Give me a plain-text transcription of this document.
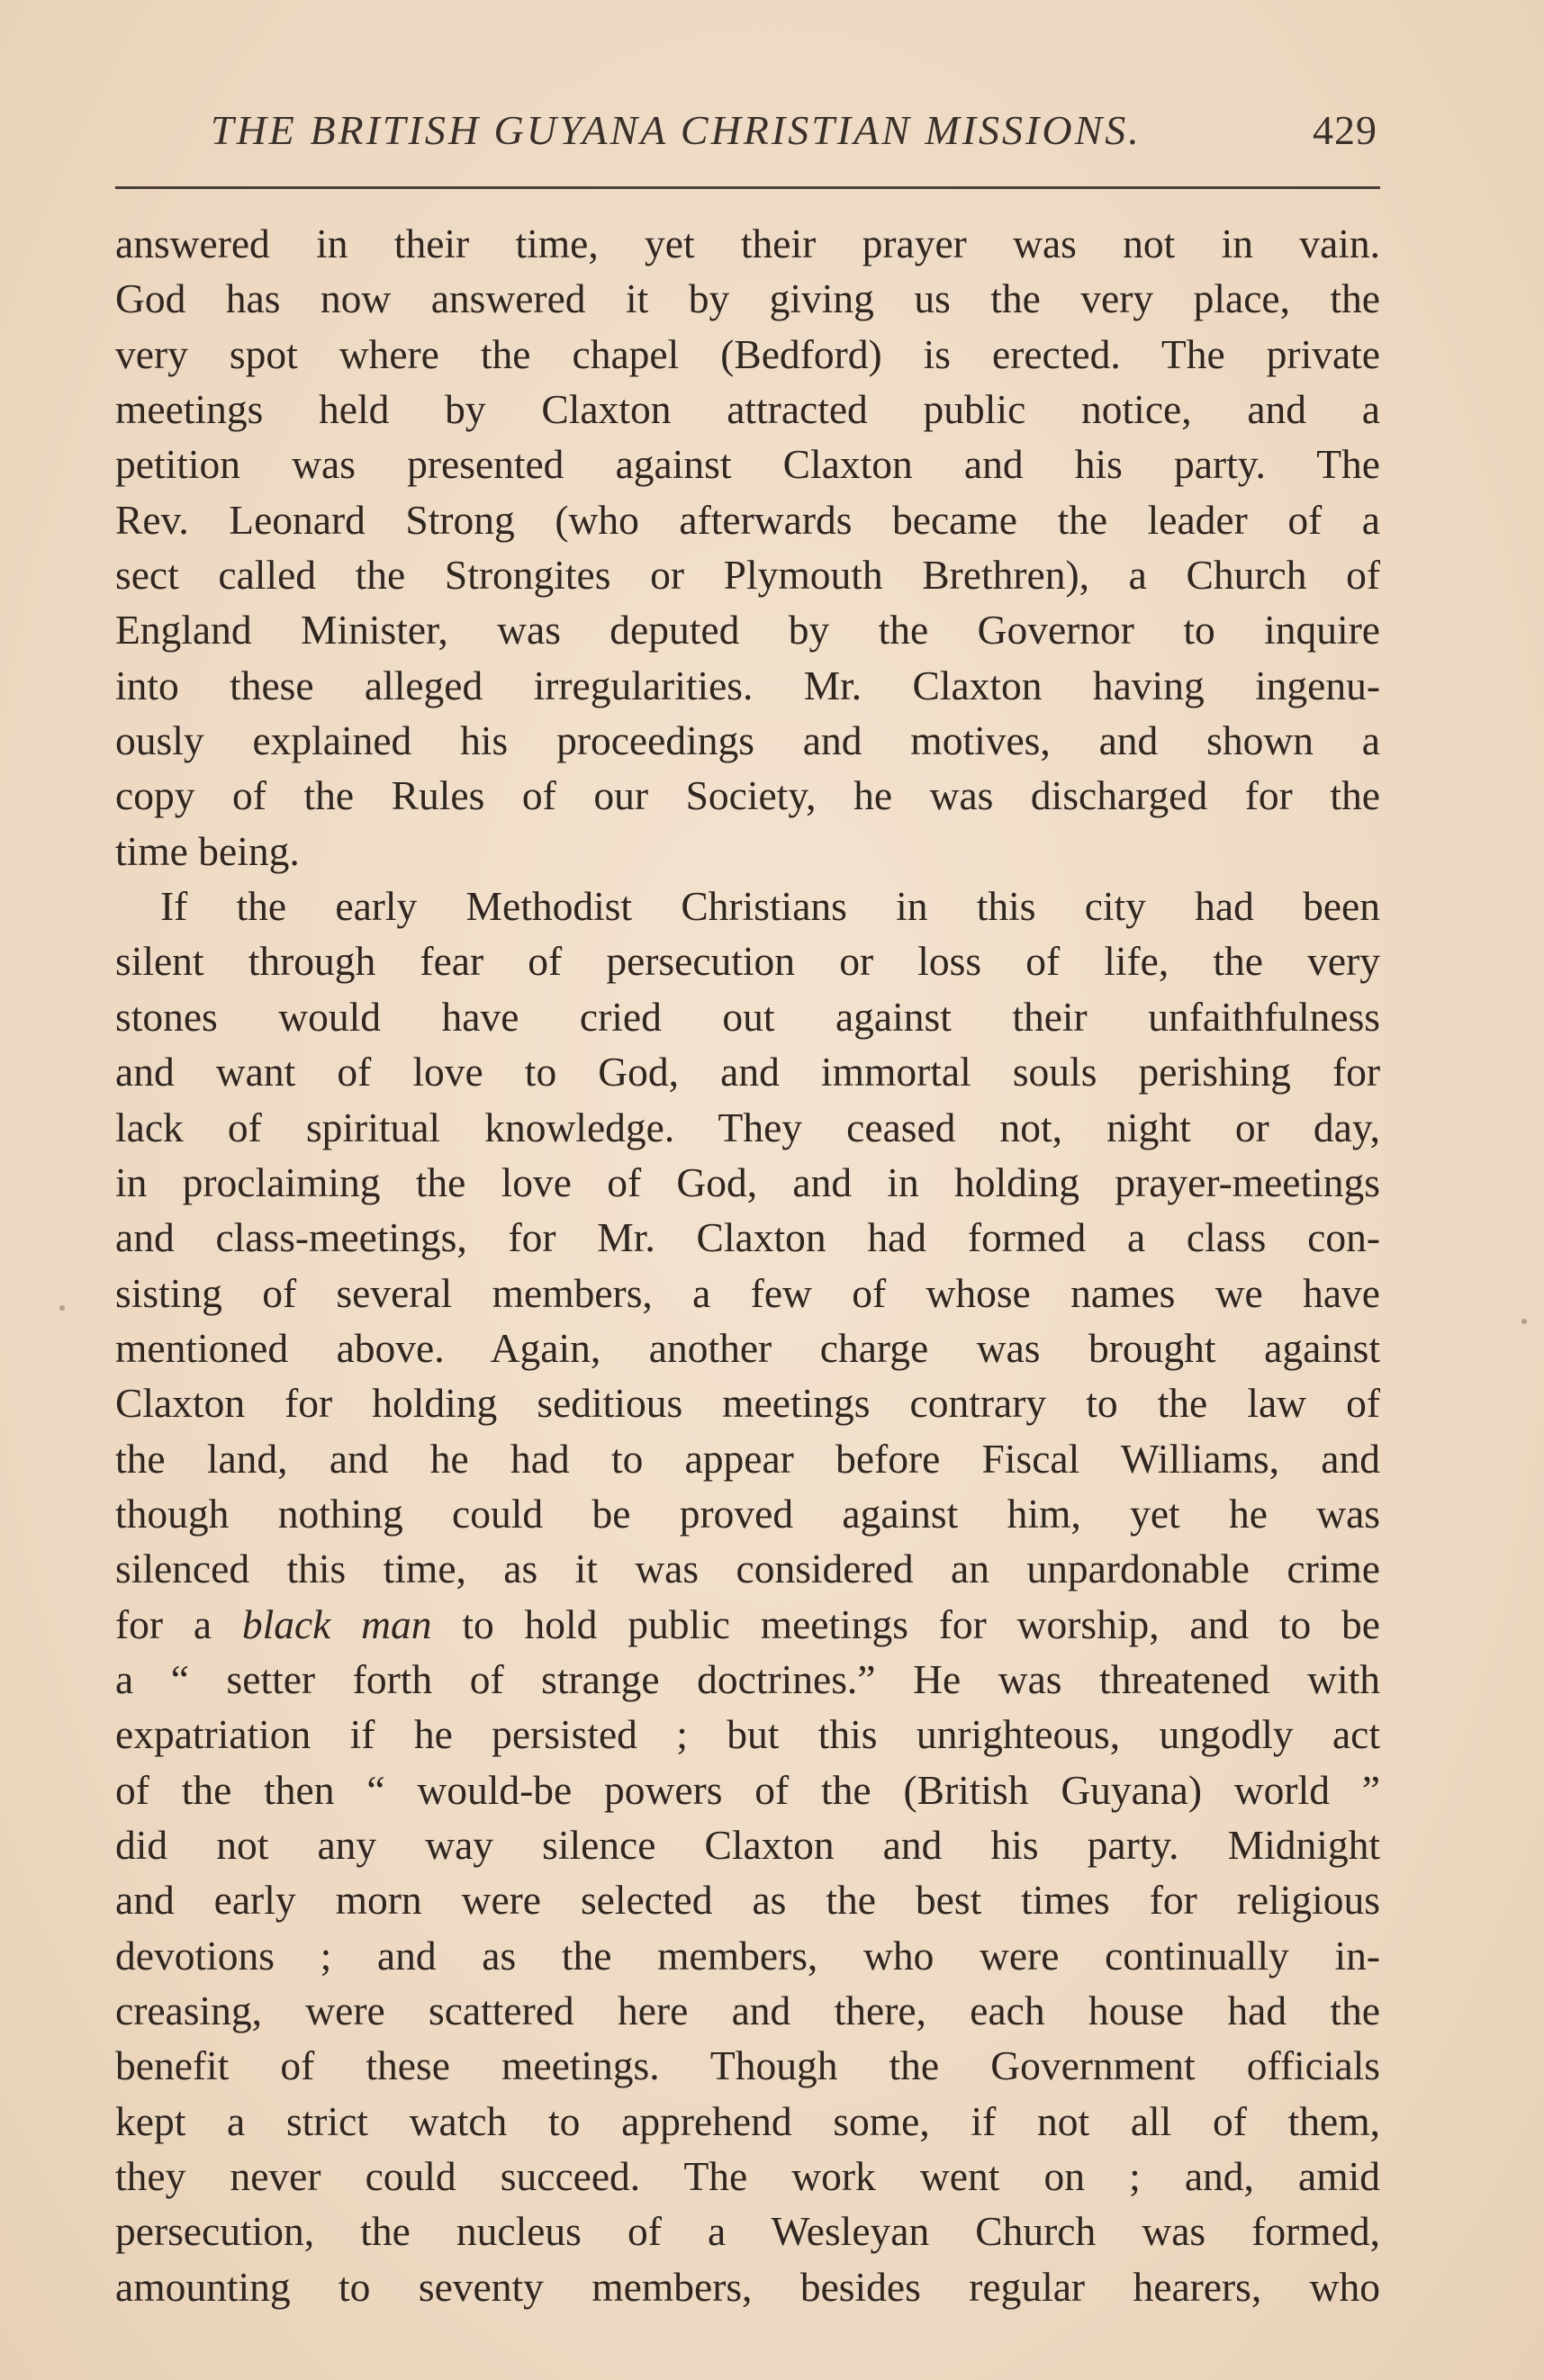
THE BRITISH GUYANA CHRISTIAN MISSIONS.	429
answered in their time, yet their prayer was not in vain.
God has now answered it by giving us the very place, the
very spot where the chapel (Bedford) is erected. The private
meetings held by Claxton attracted public notice, and a
petition was presented against Claxton and his party. The
Rev. Leonard Strong (who afterwards became the leader of a
sect called the Strongites or Plymouth Brethren), a Church of
England Minister, was deputed by the Governor to inquire
into these alleged irregularities. Mr. Claxton having ingenu-
ously explained his proceedings and motives, and shown a
copy of the Rules of our Society, he was discharged for the
time being.
If the early Methodist Christians in this city had been
silent through fear of persecution or loss of life, the very
stones would have cried out against their unfaithfulness
and want of love to God, and immortal souls perishing for
lack of spiritual knowledge. They ceased not, night or day,
in proclaiming the love of God, and in holding prayer-meetings
and class-meetings, for Mr. Claxton had formed a class con-
sisting of several members, a few of whose names we have
mentioned above. Again, another charge was brought against
Claxton for holding seditious meetings contrary to the law of
the land, and he had to appear before Fiscal Williams, and
though nothing could be proved against him, yet he was
silenced this time, as it was considered an unpardonable crime
for a black man to hold public meetings for worship, and to be
a “ setter forth of strange doctrines.” He was threatened with
expatriation if he persisted ; but this unrighteous, ungodly act
of the then “ would-be powers of the (British Guyana) world ”
did not any way silence Claxton and his party. Midnight
and early morn were selected as the best times for religious
devotions ; and as the members, who were continually in-
creasing, were scattered here and there, each house had the
benefit of these meetings. Though the Government officials
kept a strict watch to apprehend some, if not all of them,
they never could succeed. The work went on ; and, amid
persecution, the nucleus of a Wesleyan Church was formed,
amounting to seventy members, besides regular hearers, who
